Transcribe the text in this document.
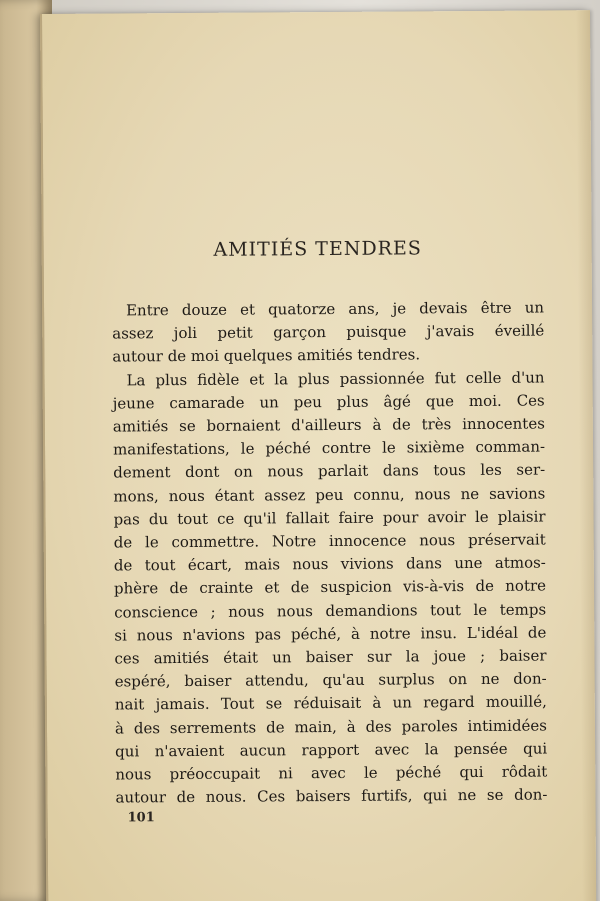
AMITIÉS TENDRES

Entre douze et quatorze ans, je devais être un
assez joli petit garçon puisque j'avais éveillé
autour de moi quelques amitiés tendres.

La plus fidèle et la plus passionnée fut celle d'un
jeune camarade un peu plus âgé que moi. Ces
amitiés se bornaient d'ailleurs à de très innocentes
manifestations, le péché contre le sixième comman-
dement dont on nous parlait dans tous les ser-
mons, nous étant assez peu connu, nous ne savions
pas du tout ce qu'il fallait faire pour avoir le plaisir
de le commettre. Notre innocence nous préservait
de tout écart, mais nous vivions dans une atmos-
phère de crainte et de suspicion vis-à-vis de notre
conscience ; nous nous demandions tout le temps
si nous n'avions pas péché, à notre insu. L'idéal de
ces amitiés était un baiser sur la joue ; baiser
espéré, baiser attendu, qu'au surplus on ne don-
nait jamais. Tout se réduisait à un regard mouillé,
à des serrements de main, à des paroles intimidées
qui n'avaient aucun rapport avec la pensée qui
nous préoccupait ni avec le péché qui rôdait
autour de nous. Ces baisers furtifs, qui ne se don-

101
